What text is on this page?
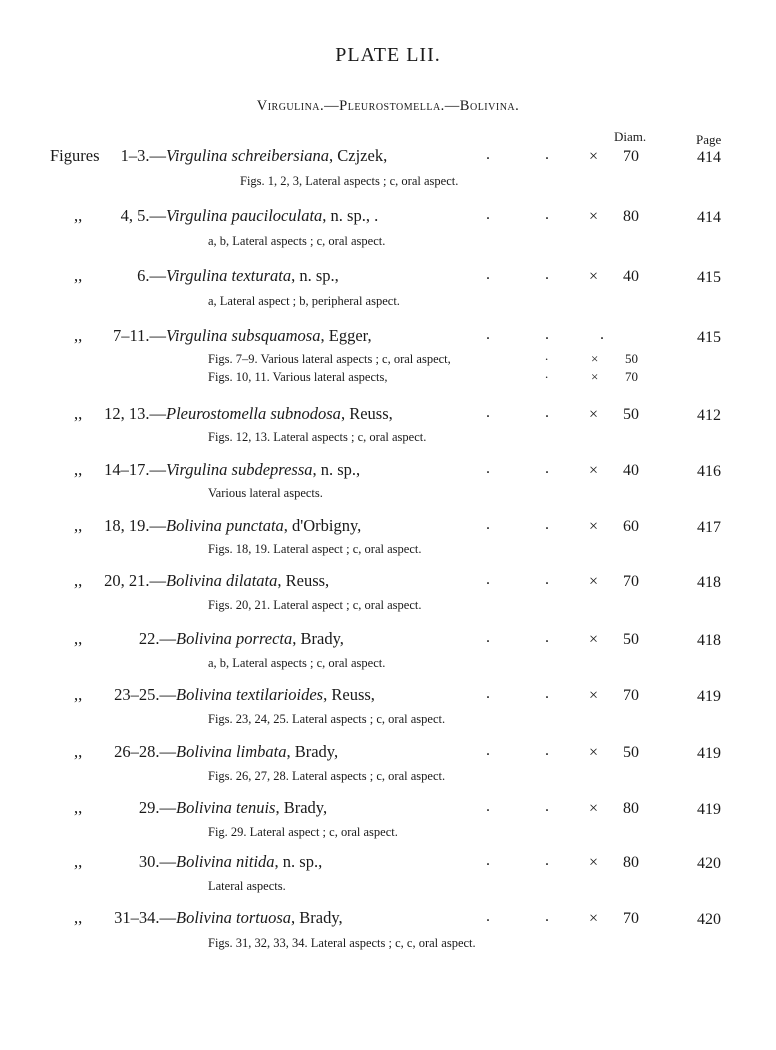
PLATE LII.
Virgulina.—Pleurostomella.—Bolivina.
Diam.	Page
Figures 1–3.— Virgulina schreibersiana, Czjzek,	.	.	× 70	414
Figs. 1, 2, 3, Lateral aspects ; c, oral aspect.
,, 4, 5.— Virgulina pauciloculata, n. sp., .	.	.	× 80	414
a, b, Lateral aspects ; c, oral aspect.
,,	6.— Virgulina texturata, n. sp.,	.	.	× 40	415
a, Lateral aspect ; b, peripheral aspect.
,, 7–11.— Virgulina subsquamosa, Egger,	.	.	.	415
Figs. 7–9. Various lateral aspects ; c, oral aspect,	.	× 50
Figs. 10, 11. Various lateral aspects,	.	× 70
,, 12, 13.— Pleurostomella subnodosa, Reuss,	.	.	× 50	412
Figs. 12, 13. Lateral aspects ; c, oral aspect.
,, 14–17.— Virgulina subdepressa, n. sp.,	.	.	× 40	416
Various lateral aspects.
,, 18, 19.— Bolivina punctata, d'Orbigny,	.	.	× 60	417
Figs. 18, 19. Lateral aspect ; c, oral aspect.
,, 20, 21.— Bolivina dilatata, Reuss,	.	.	× 70	418
Figs. 20, 21. Lateral aspect ; c, oral aspect.
,,	22.— Bolivina porrecta, Brady,	.	.	× 50	418
a, b, Lateral aspects ; c, oral aspect.
,, 23–25.— Bolivina textilarioides, Reuss,	.	.	× 70	419
Figs. 23, 24, 25. Lateral aspects ; c, oral aspect.
,, 26–28.— Bolivina limbata, Brady,	.	.	× 50	419
Figs. 26, 27, 28. Lateral aspects ; c, oral aspect.
,,	29.— Bolivina tenuis, Brady,	.	.	× 80	419
Fig. 29. Lateral aspect ; c, oral aspect.
,,	30.— Bolivina nitida, n. sp.,	.	.	× 80	420
Lateral aspects.
,, 31–34.— Bolivina tortuosa, Brady,	.	.	× 70	420
Figs. 31, 32, 33, 34. Lateral aspects ; c, c, oral aspect.
